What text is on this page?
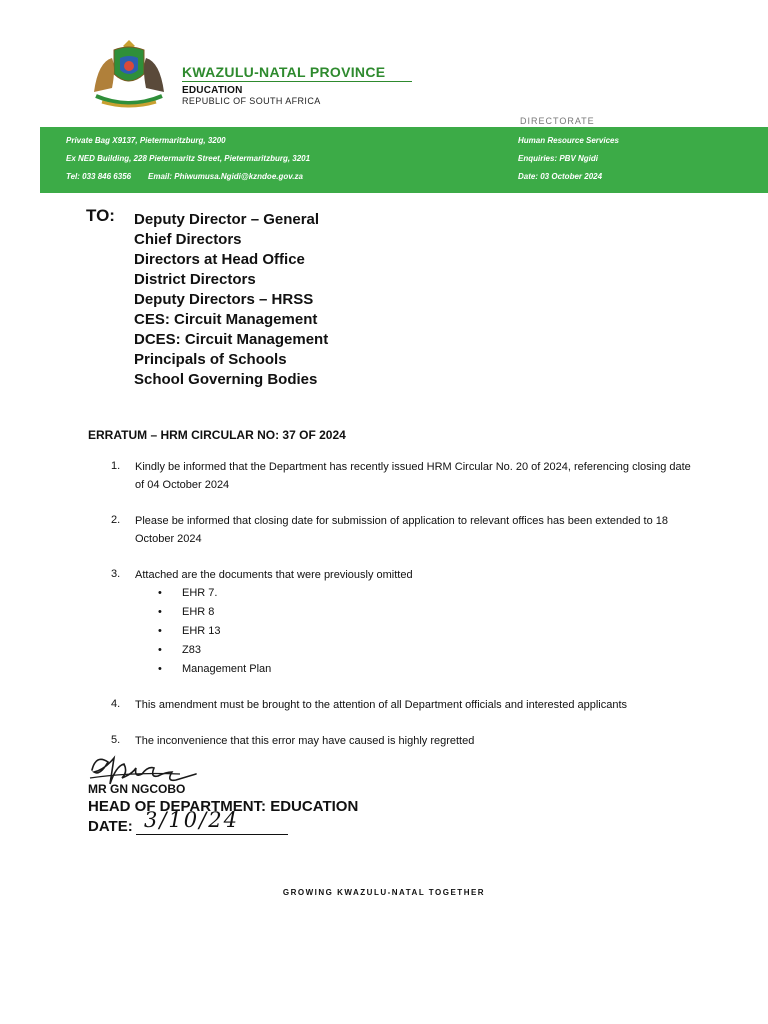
KWAZULU-NATAL PROVINCE
EDUCATION
REPUBLIC OF SOUTH AFRICA
DIRECTORATE
Private Bag X9137, Pietermaritzburg, 3200
Ex NED Building, 228 Pietermaritz Street, Pietermaritzburg, 3201
Tel: 033 846 6356 Email: Phiwumusa.Ngidi@kzndoe.gov.za
Human Resource Services
Enquiries: PBV Ngidi
Date: 03 October 2024
TO: Deputy Director – General
Chief Directors
Directors at Head Office
District Directors
Deputy Directors – HRSS
CES: Circuit Management
DCES: Circuit Management
Principals of Schools
School Governing Bodies
ERRATUM – HRM CIRCULAR NO: 37 OF 2024
1. Kindly be informed that the Department has recently issued HRM Circular No. 20 of 2024, referencing closing date of 04 October 2024
2. Please be informed that closing date for submission of application to relevant offices has been extended to 18 October 2024
3. Attached are the documents that were previously omitted
• EHR 7.
• EHR 8
• EHR 13
• Z83
• Management Plan
4. This amendment must be brought to the attention of all Department officials and interested applicants
5. The inconvenience that this error may have caused is highly regretted
MR GN NGCOBO
HEAD OF DEPARTMENT: EDUCATION
DATE: 3/10/24
GROWING KWAZULU-NATAL TOGETHER
